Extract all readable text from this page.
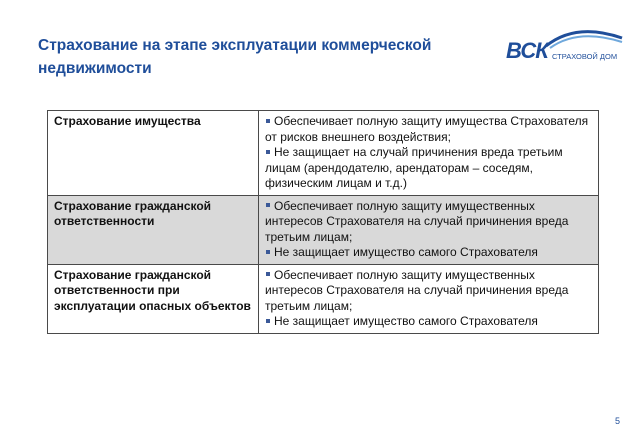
Страхование на этапе эксплуатации коммерческой недвижимости
ВСК СТРАХОВОЙ ДОМ
Страхование имущества	Обеспечивает полную защиту имущества Страхователя от рисков внешнего воздействия;
Не защищает на случай причинения вреда третьим лицам (арендодателю, арендаторам – соседям, физическим лицам и т.д.)

Страхование гражданской ответственности	Обеспечивает полную защиту имущественных интересов Страхователя на случай причинения вреда третьим лицам;
Не защищает имущество самого Страхователя

Страхование гражданской ответственности при эксплуатации опасных объектов	Обеспечивает полную защиту имущественных интересов Страхователя на случай причинения вреда третьим лицам;
Не защищает имущество самого Страхователя
5
